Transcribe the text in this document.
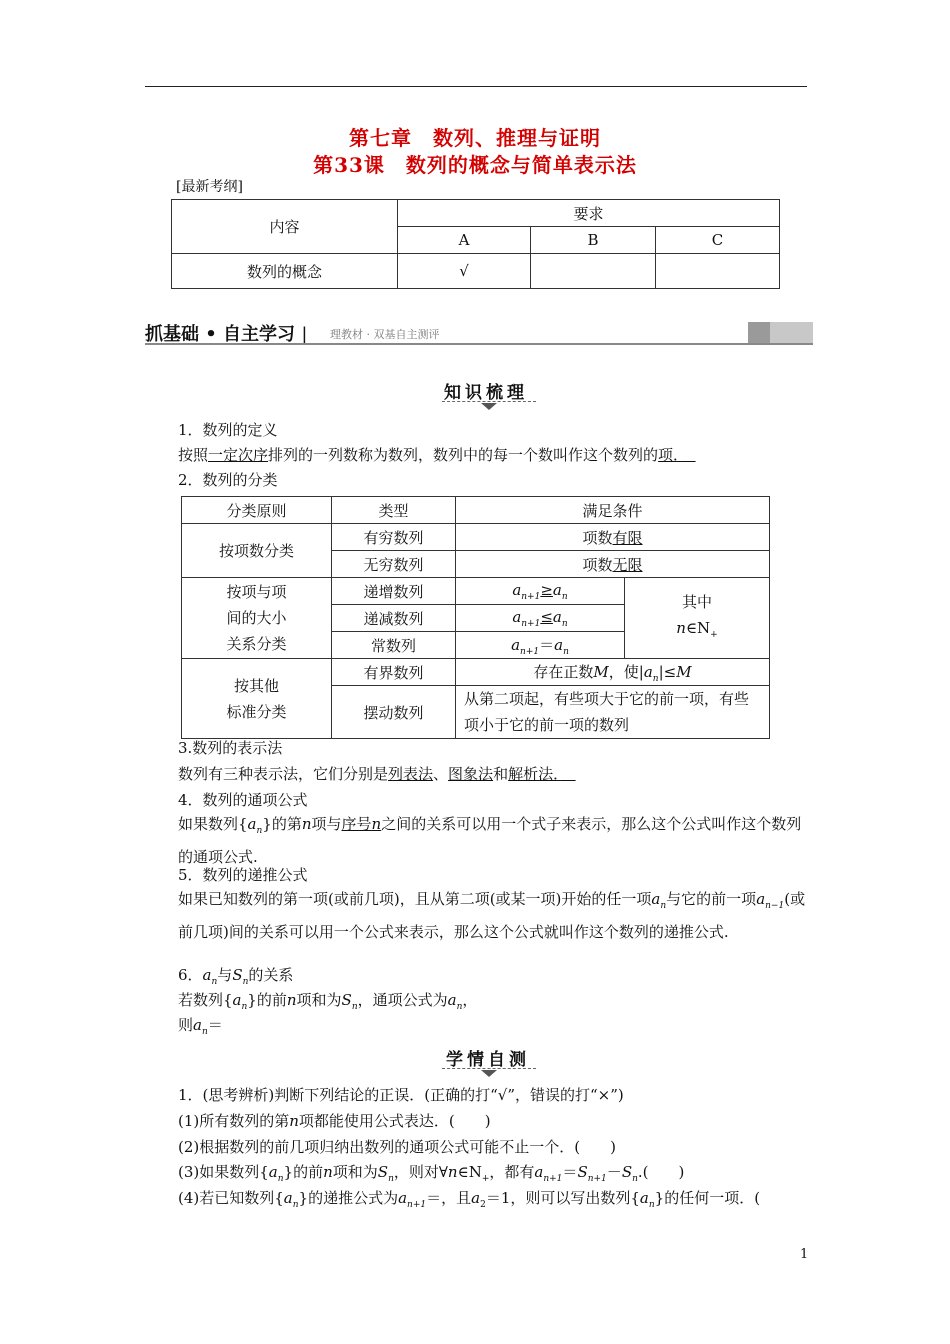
第七章　数列、推理与证明
第33课　数列的概念与简单表示法
[最新考纲]
内容	要求		
	A	B	C
数列的概念	√		
抓基础 • 自主学习 | 理教材 · 双基自主测评
知识梳理
1．数列的定义
按照一定次序排列的一列数称为数列，数列中的每一个数叫作这个数列的项．　
2．数列的分类
分类原则	类型	满足条件	
按项数分类	有穷数列	项数有限	
	无穷数列	项数无限	
按项与项
间的大小
关系分类	递增数列	$a_{n+1}\ge a_n$	其中
$n\in N_+$
	递减数列	$a_{n+1}\le a_n$
	常数列	$a_{n+1}=a_n$
按其他
标准分类	有界数列	存在正数M，使$|a_n|\le M$	
	摆动数列	从第二项起，有些项大于它的前一项，有些项小于它的前一项的数列	
3.数列的表示法
数列有三种表示法，它们分别是列表法、图象法和解析法．　
4．数列的通项公式
如果数列$\{a_n\}$的第n项与序号n之间的关系可以用一个式子来表示，那么这个公式叫作这个数列的通项公式.
5．数列的递推公式
如果已知数列的第一项(或前几项)，且从第二项(或某一项)开始的任一项$a_n$与它的前一项$a_{n-1}$(或前几项)间的关系可以用一个公式来表示，那么这个公式就叫作这个数列的递推公式.
6．$a_n$与$S_n$的关系
若数列$\{a_n\}$的前n项和为$S_n$，通项公式为$a_n$，
则$a_n=$
学情自测
1．(思考辨析)判断下列结论的正误．(正确的打“√”，错误的打“×”)
(1)所有数列的第n项都能使用公式表达．(　　)
(2)根据数列的前几项归纳出数列的通项公式可能不止一个．(　　)
(3)如果数列$\{a_n\}$的前n项和为$S_n$，则对$\forall n\in N_+$，都有$a_{n+1}=S_{n+1}-S_n$.(　　)
(4)若已知数列$\{a_n\}$的递推公式为$a_{n+1}=$，且$a_2=1$，则可以写出数列$\{a_n\}$的任何一项．(
1
